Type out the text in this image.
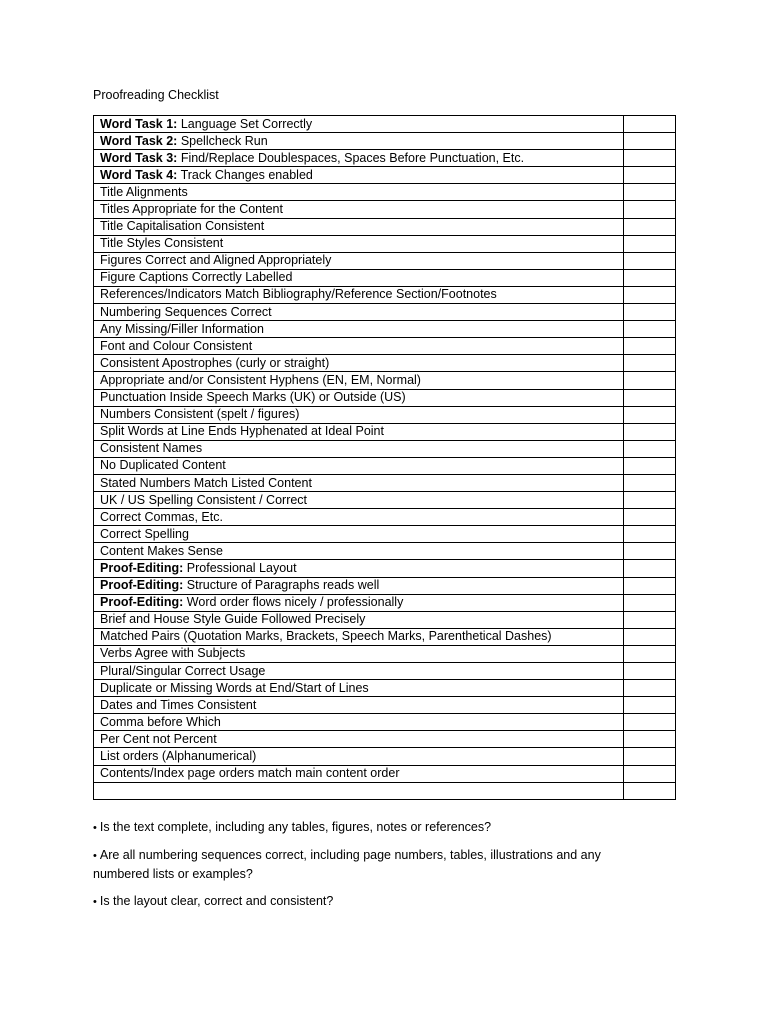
Proofreading Checklist
Word Task 1: Language Set Correctly	
Word Task 2: Spellcheck Run	
Word Task 3: Find/Replace Doublespaces, Spaces Before Punctuation, Etc.	
Word Task 4: Track Changes enabled	
Title Alignments	
Titles Appropriate for the Content	
Title Capitalisation Consistent	
Title Styles Consistent	
Figures Correct and Aligned Appropriately	
Figure Captions Correctly Labelled	
References/Indicators Match Bibliography/Reference Section/Footnotes	
Numbering Sequences Correct	
Any Missing/Filler Information	
Font and Colour Consistent	
Consistent Apostrophes (curly or straight)	
Appropriate and/or Consistent Hyphens (EN, EM, Normal)	
Punctuation Inside Speech Marks (UK) or Outside (US)	
Numbers Consistent (spelt / figures)	
Split Words at Line Ends Hyphenated at Ideal Point	
Consistent Names	
No Duplicated Content	
Stated Numbers Match Listed Content	
UK / US Spelling Consistent / Correct	
Correct Commas, Etc.	
Correct Spelling	
Content Makes Sense	
Proof-Editing: Professional Layout	
Proof-Editing: Structure of Paragraphs reads well	
Proof-Editing: Word order flows nicely / professionally	
Brief and House Style Guide Followed Precisely	
Matched Pairs (Quotation Marks, Brackets, Speech Marks, Parenthetical Dashes)	
Verbs Agree with Subjects	
Plural/Singular Correct Usage	
Duplicate or Missing Words at End/Start of Lines	
Dates and Times Consistent	
Comma before Which	
Per Cent not Percent	
List orders (Alphanumerical)	
Contents/Index page orders match main content order	

• Is the text complete, including any tables, figures, notes or references?
• Are all numbering sequences correct, including page numbers, tables, illustrations and any numbered lists or examples?
• Is the layout clear, correct and consistent?
